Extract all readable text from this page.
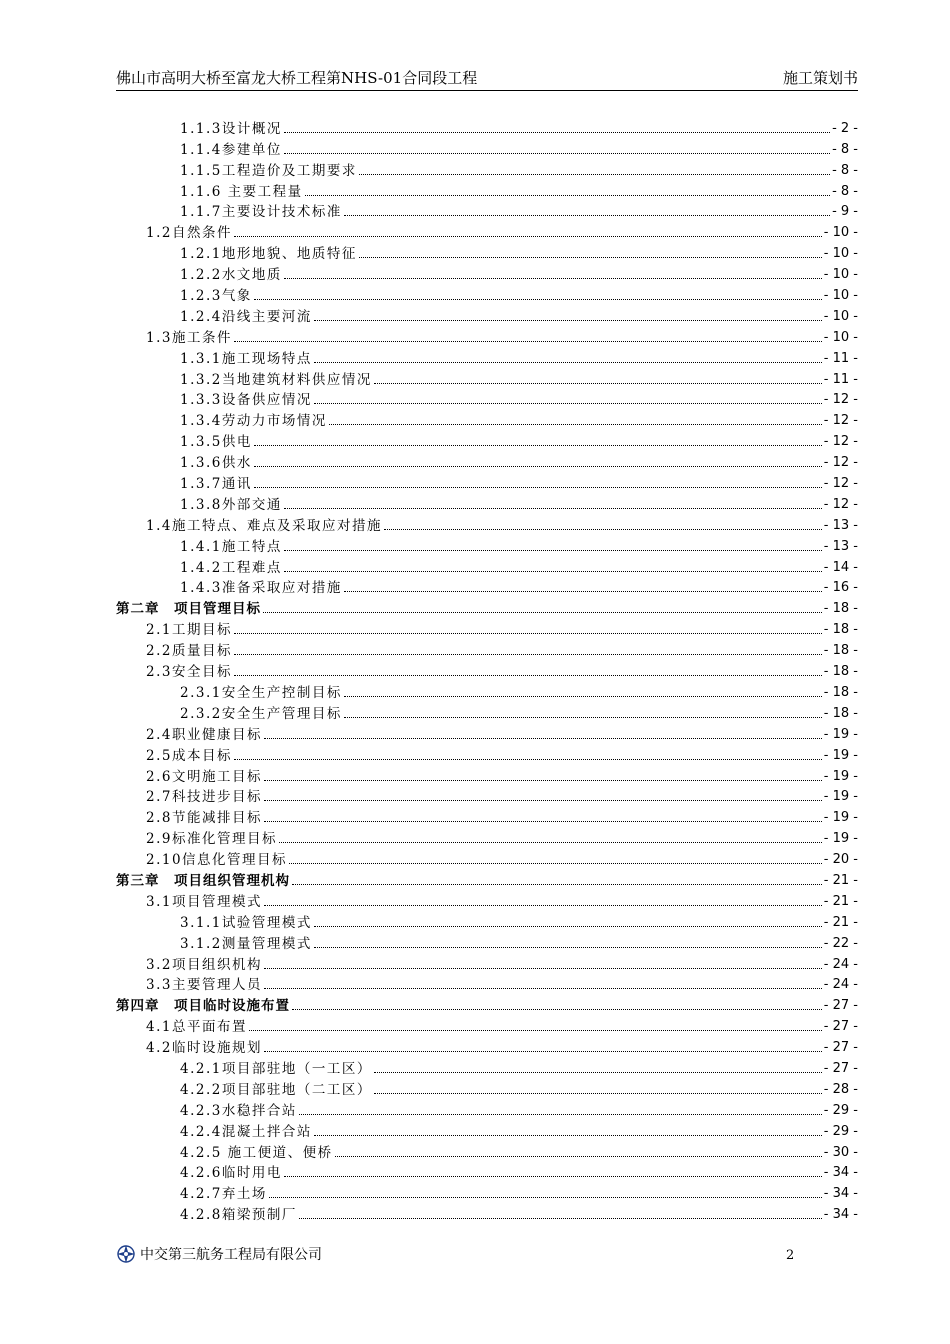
佛山市高明大桥至富龙大桥工程第NHS-01合同段工程	施工策划书
1.1.3设计概况	- 2 -
1.1.4参建单位	- 8 -
1.1.5工程造价及工期要求	- 8 -
1.1.6 主要工程量	- 8 -
1.1.7主要设计技术标准	- 9 -
1.2自然条件	- 10 -
1.2.1地形地貌、地质特征	- 10 -
1.2.2水文地质	- 10 -
1.2.3气象	- 10 -
1.2.4沿线主要河流	- 10 -
1.3施工条件	- 10 -
1.3.1施工现场特点	- 11 -
1.3.2当地建筑材料供应情况	- 11 -
1.3.3设备供应情况	- 12 -
1.3.4劳动力市场情况	- 12 -
1.3.5供电	- 12 -
1.3.6供水	- 12 -
1.3.7通讯	- 12 -
1.3.8外部交通	- 12 -
1.4施工特点、难点及采取应对措施	- 13 -
1.4.1施工特点	- 13 -
1.4.2工程难点	- 14 -
1.4.3准备采取应对措施	- 16 -
第二章　项目管理目标	- 18 -
2.1工期目标	- 18 -
2.2质量目标	- 18 -
2.3安全目标	- 18 -
2.3.1安全生产控制目标	- 18 -
2.3.2安全生产管理目标	- 18 -
2.4职业健康目标	- 19 -
2.5成本目标	- 19 -
2.6文明施工目标	- 19 -
2.7科技进步目标	- 19 -
2.8节能减排目标	- 19 -
2.9标准化管理目标	- 19 -
2.10信息化管理目标	- 20 -
第三章　项目组织管理机构	- 21 -
3.1项目管理模式	- 21 -
3.1.1试验管理模式	- 21 -
3.1.2测量管理模式	- 22 -
3.2项目组织机构	- 24 -
3.3主要管理人员	- 24 -
第四章　项目临时设施布置	- 27 -
4.1总平面布置	- 27 -
4.2临时设施规划	- 27 -
4.2.1项目部驻地（一工区）	- 27 -
4.2.2项目部驻地（二工区）	- 28 -
4.2.3水稳拌合站	- 29 -
4.2.4混凝土拌合站	- 29 -
4.2.5 施工便道、便桥	- 30 -
4.2.6临时用电	- 34 -
4.2.7弃土场	- 34 -
4.2.8箱梁预制厂	- 34 -
中交第三航务工程局有限公司	2
